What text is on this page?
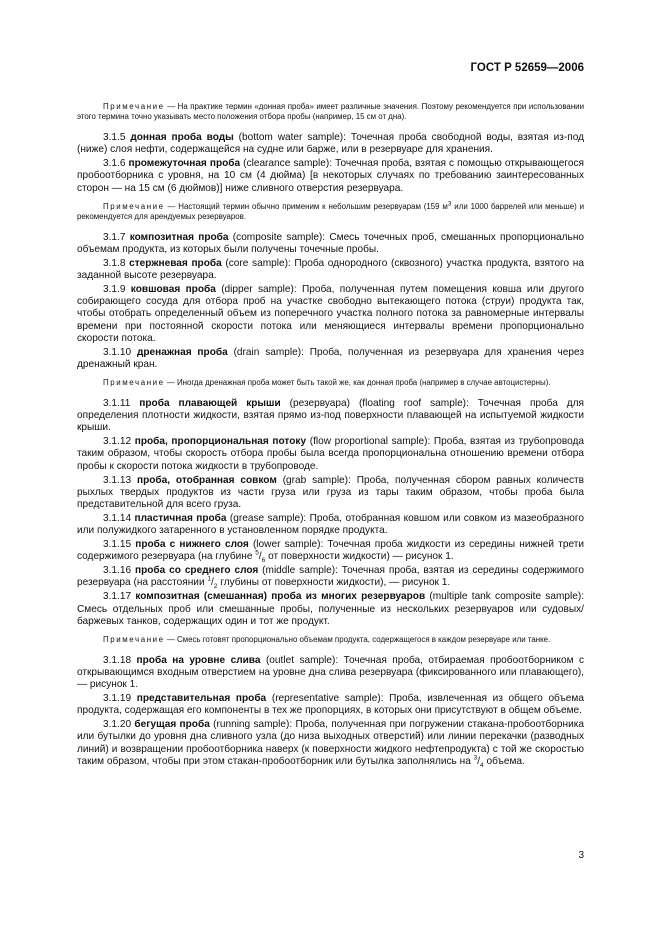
ГОСТ Р 52659—2006

Примечание — На практике термин «донная проба» имеет различные значения. Поэтому рекомендуется при использовании этого термина точно указывать место положения отбора пробы (например, 15 см от дна).

3.1.5 донная проба воды (bottom water sample): Точечная проба свободной воды, взятая из-под (ниже) слоя нефти, содержащейся на судне или барже, или в резервуаре для хранения.

3.1.6 промежуточная проба (clearance sample): Точечная проба, взятая с помощью открывающегося пробоотборника с уровня, на 10 см (4 дюйма) [в некоторых случаях по требованию заинтересованных сторон — на 15 см (6 дюймов)] ниже сливного отверстия резервуара.

Примечание — Настоящий термин обычно применим к небольшим резервуарам (159 $м^3$ или 1000 баррелей или меньше) и рекомендуется для арендуемых резервуаров.

3.1.7 композитная проба (composite sample): Смесь точечных проб, смешанных пропорционально объемам продукта, из которых были получены точечные пробы.

3.1.8 стержневая проба (core sample): Проба однородного (сквозного) участка продукта, взятого на заданной высоте резервуара.

3.1.9 ковшовая проба (dipper sample): Проба, полученная путем помещения ковша или другого собирающего сосуда для отбора проб на участке свободно вытекающего потока (струи) продукта так, чтобы отобрать определенный объем из поперечного участка полного потока за равномерные интервалы времени при постоянной скорости потока или меняющиеся интервалы времени пропорционально скорости потока.

3.1.10 дренажная проба (drain sample): Проба, полученная из резервуара для хранения через дренажный кран.

Примечание — Иногда дренажная проба может быть такой же, как донная проба (например в случае автоцистерны).

3.1.11 проба плавающей крыши (резервуара) (floating roof sample): Точечная проба для определения плотности жидкости, взятая прямо из-под поверхности плавающей на испытуемой жидкости крыши.

3.1.12 проба, пропорциональная потоку (flow proportional sample): Проба, взятая из трубопровода таким образом, чтобы скорость отбора пробы была всегда пропорциональна отношению времени отбора пробы к скорости потока жидкости в трубопроводе.

3.1.13 проба, отобранная совком (grab sample): Проба, полученная сбором равных количеств рыхлых твердых продуктов из части груза или груза из тары таким образом, чтобы проба была представительной для всего груза.

3.1.14 пластичная проба (grease sample): Проба, отобранная ковшом или совком из мазеобразного или полужидкого затаренного в установленном порядке продукта.

3.1.15 проба с нижнего слоя (lower sample): Точечная проба жидкости из середины нижней трети содержимого резервуара (на глубине $^5/_6$ от поверхности жидкости) — рисунок 1.

3.1.16 проба со среднего слоя (middle sample): Точечная проба, взятая из середины содержимого резервуара (на расстоянии $^1/_2$ глубины от поверхности жидкости), — рисунок 1.

3.1.17 композитная (смешанная) проба из многих резервуаров (multiple tank composite sample): Смесь отдельных проб или смешанные пробы, полученные из нескольких резервуаров или судовых/баржевых танков, содержащих один и тот же продукт.

Примечание — Смесь готовят пропорционально объемам продукта, содержащегося в каждом резервуаре или танке.

3.1.18 проба на уровне слива (outlet sample): Точечная проба, отбираемая пробоотборником с открывающимся входным отверстием на уровне дна слива резервуара (фиксированного или плавающего), — рисунок 1.

3.1.19 представительная проба (representative sample): Проба, извлеченная из общего объема продукта, содержащая его компоненты в тех же пропорциях, в которых они присутствуют в общем объеме.

3.1.20 бегущая проба (running sample): Проба, полученная при погружении стакана-пробоотборника или бутылки до уровня дна сливного узла (до низа выходных отверстий) или линии перекачки (разводных линий) и возвращении пробоотборника наверх (к поверхности жидкого нефтепродукта) с той же скоростью таким образом, чтобы при этом стакан-пробоотборник или бутылка заполнялись на $^3/_4$ объема.

3
